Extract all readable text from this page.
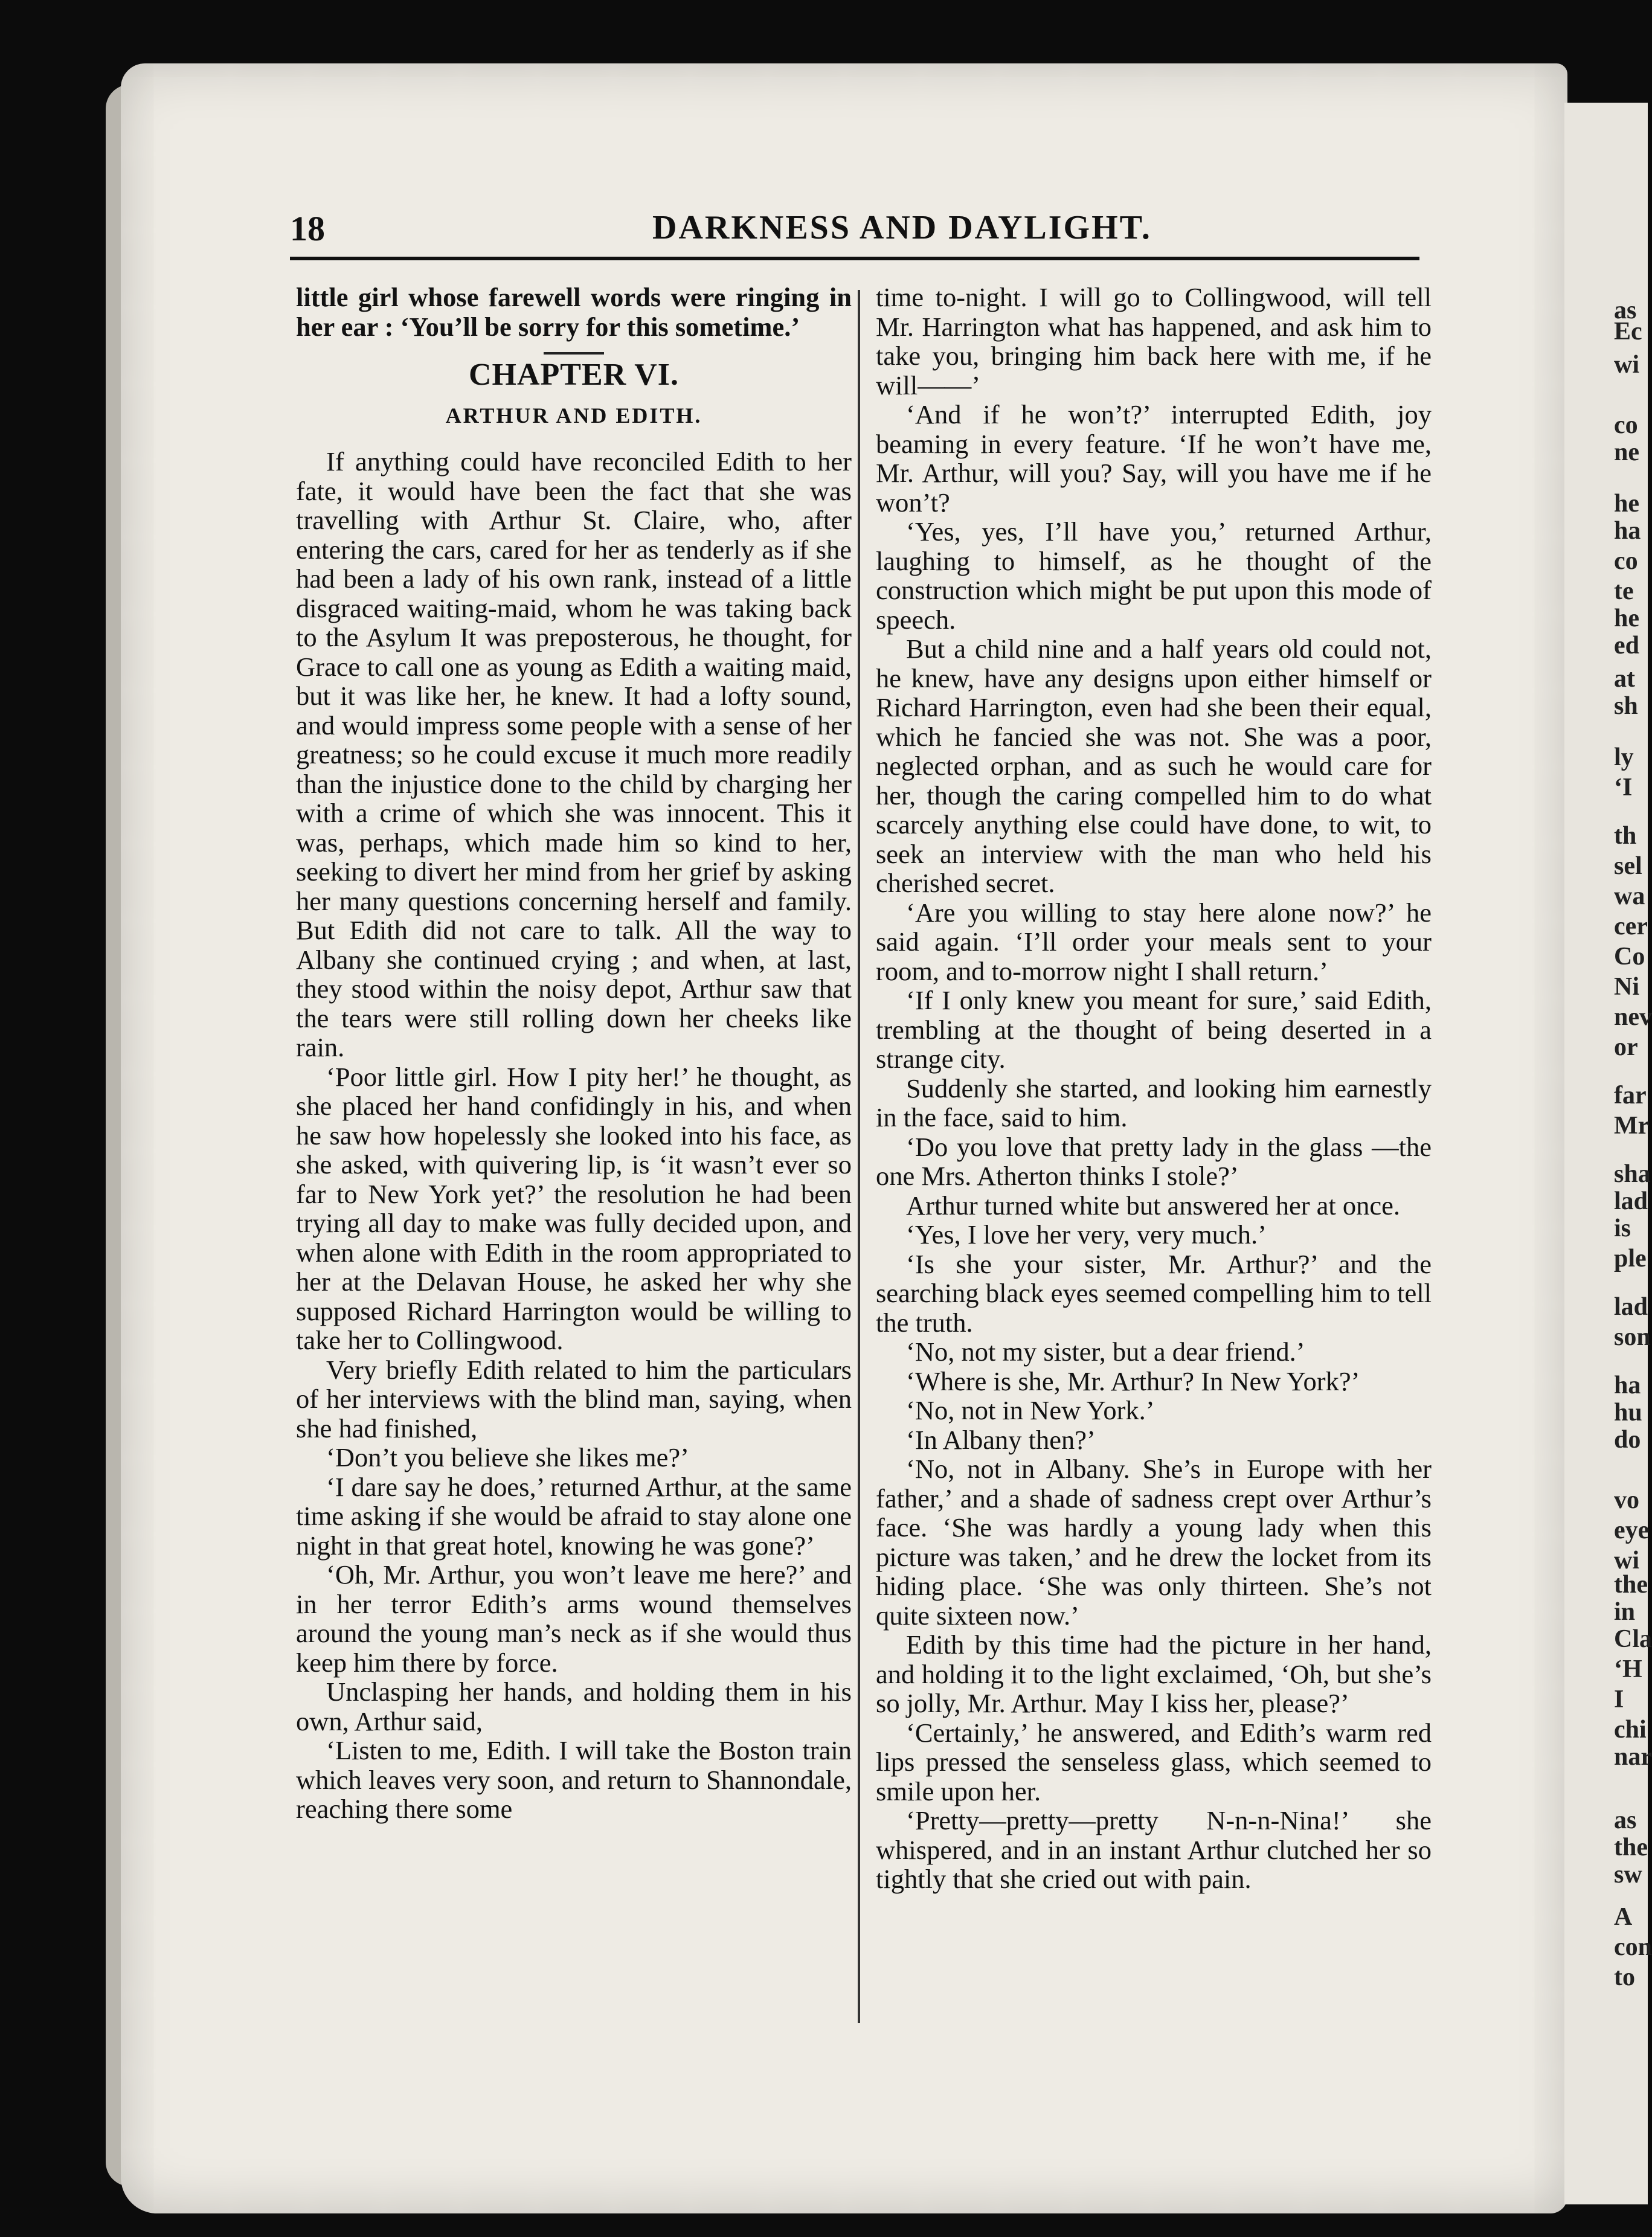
18	DARKNESS AND DAYLIGHT.

little girl whose farewell words were ringing in her ear : ‘You’ll be sorry for this sometime.’

CHAPTER VI.
ARTHUR AND EDITH.

If anything could have reconciled Edith to her fate, it would have been the fact that she was travelling with Arthur St. Claire, who, after entering the cars, cared for her as tenderly as if she had been a lady of his own rank, instead of a little disgraced waiting-maid, whom he was taking back to the Asylum It was preposterous, he thought, for Grace to call one as young as Edith a waiting maid, but it was like her, he knew. It had a lofty sound, and would impress some people with a sense of her greatness; so he could excuse it much more readily than the injustice done to the child by charging her with a crime of which she was innocent. This it was, perhaps, which made him so kind to her, seeking to divert her mind from her grief by asking her many questions concerning herself and family. But Edith did not care to talk. All the way to Albany she continued crying ; and when, at last, they stood within the noisy depot, Arthur saw that the tears were still rolling down her cheeks like rain.

‘Poor little girl. How I pity her!’ he thought, as she placed her hand confidingly in his, and when he saw how hopelessly she looked into his face, as she asked, with quivering lip, is ‘it wasn’t ever so far to New York yet?’ the resolution he had been trying all day to make was fully decided upon, and when alone with Edith in the room appropriated to her at the Delavan House, he asked her why she supposed Richard Harrington would be willing to take her to Collingwood.

Very briefly Edith related to him the particulars of her interviews with the blind man, saying, when she had finished,

‘Don’t you believe she likes me?’

‘I dare say he does,’ returned Arthur, at the same time asking if she would be afraid to stay alone one night in that great hotel, knowing he was gone?’

‘Oh, Mr. Arthur, you won’t leave me here?’ and in her terror Edith’s arms wound themselves around the young man’s neck as if she would thus keep him there by force.

Unclasping her hands, and holding them in his own, Arthur said,

‘Listen to me, Edith. I will take the Boston train which leaves very soon, and return to Shannondale, reaching there some

time to-night. I will go to Collingwood, will tell Mr. Harrington what has happened, and ask him to take you, bringing him back here with me, if he will——’

‘And if he won’t?’ interrupted Edith, joy beaming in every feature. ‘If he won’t have me, Mr. Arthur, will you? Say, will you have me if he won’t?

‘Yes, yes, I’ll have you,’ returned Arthur, laughing to himself, as he thought of the construction which might be put upon this mode of speech.

But a child nine and a half years old could not, he knew, have any designs upon either himself or Richard Harrington, even had she been their equal, which he fancied she was not. She was a poor, neglected orphan, and as such he would care for her, though the caring compelled him to do what scarcely anything else could have done, to wit, to seek an interview with the man who held his cherished secret.

‘Are you willing to stay here alone now?’ he said again. ‘I’ll order your meals sent to your room, and to-morrow night I shall return.’

‘If I only knew you meant for sure,’ said Edith, trembling at the thought of being deserted in a strange city.

Suddenly she started, and looking him earnestly in the face, said to him.

‘Do you love that pretty lady in the glass —the one Mrs. Atherton thinks I stole?’

Arthur turned white but answered her at once.

‘Yes, I love her very, very much.’

‘Is she your sister, Mr. Arthur?’ and the searching black eyes seemed compelling him to tell the truth.

‘No, not my sister, but a dear friend.’

‘Where is she, Mr. Arthur? In New York?’

‘No, not in New York.’

‘In Albany then?’

‘No, not in Albany. She’s in Europe with her father,’ and a shade of sadness crept over Arthur’s face. ‘She was hardly a young lady when this picture was taken,’ and he drew the locket from its hiding place. ‘She was only thirteen. She’s not quite sixteen now.’

Edith by this time had the picture in her hand, and holding it to the light exclaimed, ‘Oh, but she’s so jolly, Mr. Arthur. May I kiss her, please?’

‘Certainly,’ he answered, and Edith’s warm red lips pressed the senseless glass, which seemed to smile upon her.

‘Pretty—pretty—pretty N-n-n-Nina!’ she whispered, and in an instant Arthur clutched her so tightly that she cried out with pain.

as
Ec
wi
co
ne
he
ha
co
te
he
ed
at
sh
ly
‘I
th
sel
wa
cer
Co
Ni
nev
or
far
Mr
sha
lad
is
ple
lad
son
ha
hu
do
vo
eye
wi
the
in
Cla
‘H
I
chi
nar
as
the
sw
A
con
to
